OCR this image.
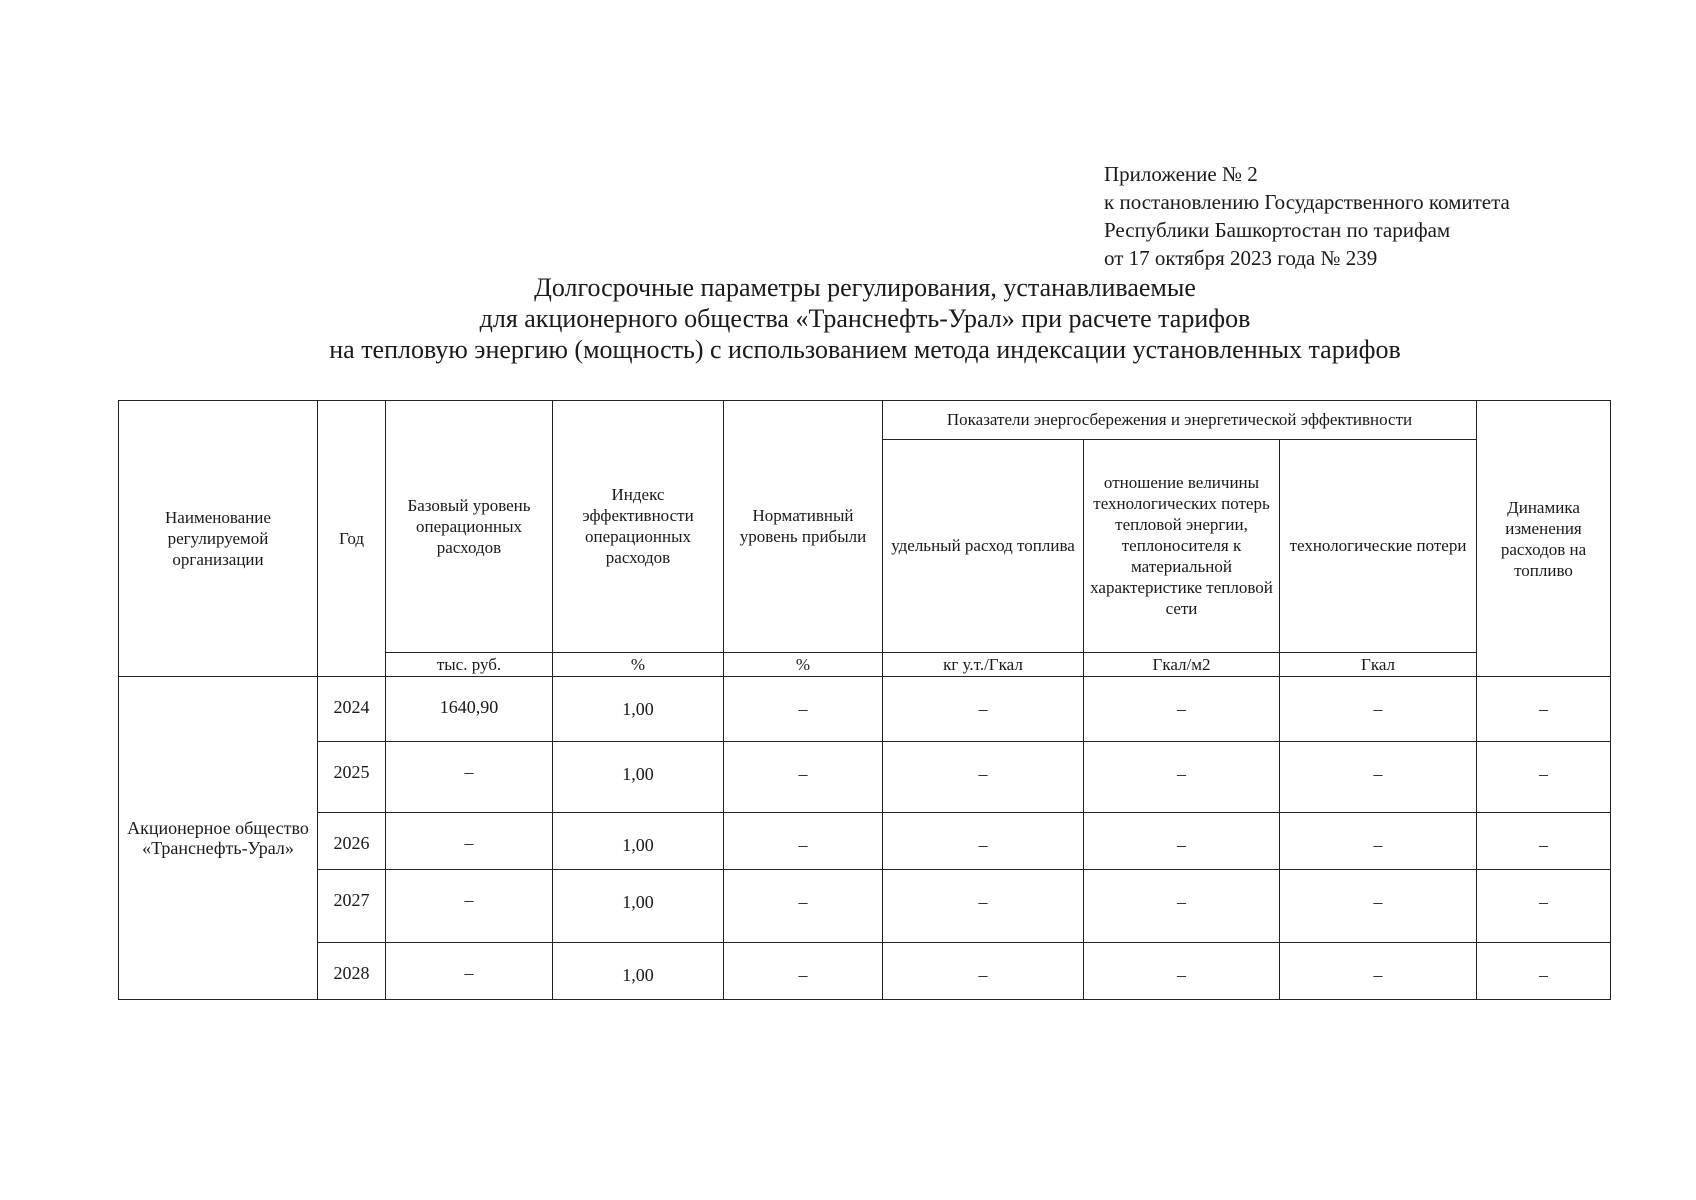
Приложение № 2
к постановлению Государственного комитета
Республики Башкортостан по тарифам
от 17 октября 2023 года № 239
Долгосрочные параметры регулирования, устанавливаемые
для акционерного общества «Транснефть-Урал» при расчете тарифов
на тепловую энергию (мощность) с использованием метода индексации установленных тарифов
Наименование регулируемой организации	Год	Базовый уровень операционных расходов	Индекс эффективности операционных расходов	Нормативный уровень прибыли	Показатели энергосбережения и энергетической эффективности			Динамика изменения расходов на топливо
					удельный расход топлива	отношение величины технологических потерь тепловой энергии, теплоносителя к материальной характеристике тепловой сети	технологические потери	
		тыс. руб.	%	%	кг у.т./Гкал	Гкал/м2	Гкал	
Акционерное общество «Транснефть-Урал»	2024	1640,90	1,00	–	–	–	–	–
	2025	–	1,00	–	–	–	–	–
	2026	–	1,00	–	–	–	–	–
	2027	–	1,00	–	–	–	–	–
	2028	–	1,00	–	–	–	–	–
